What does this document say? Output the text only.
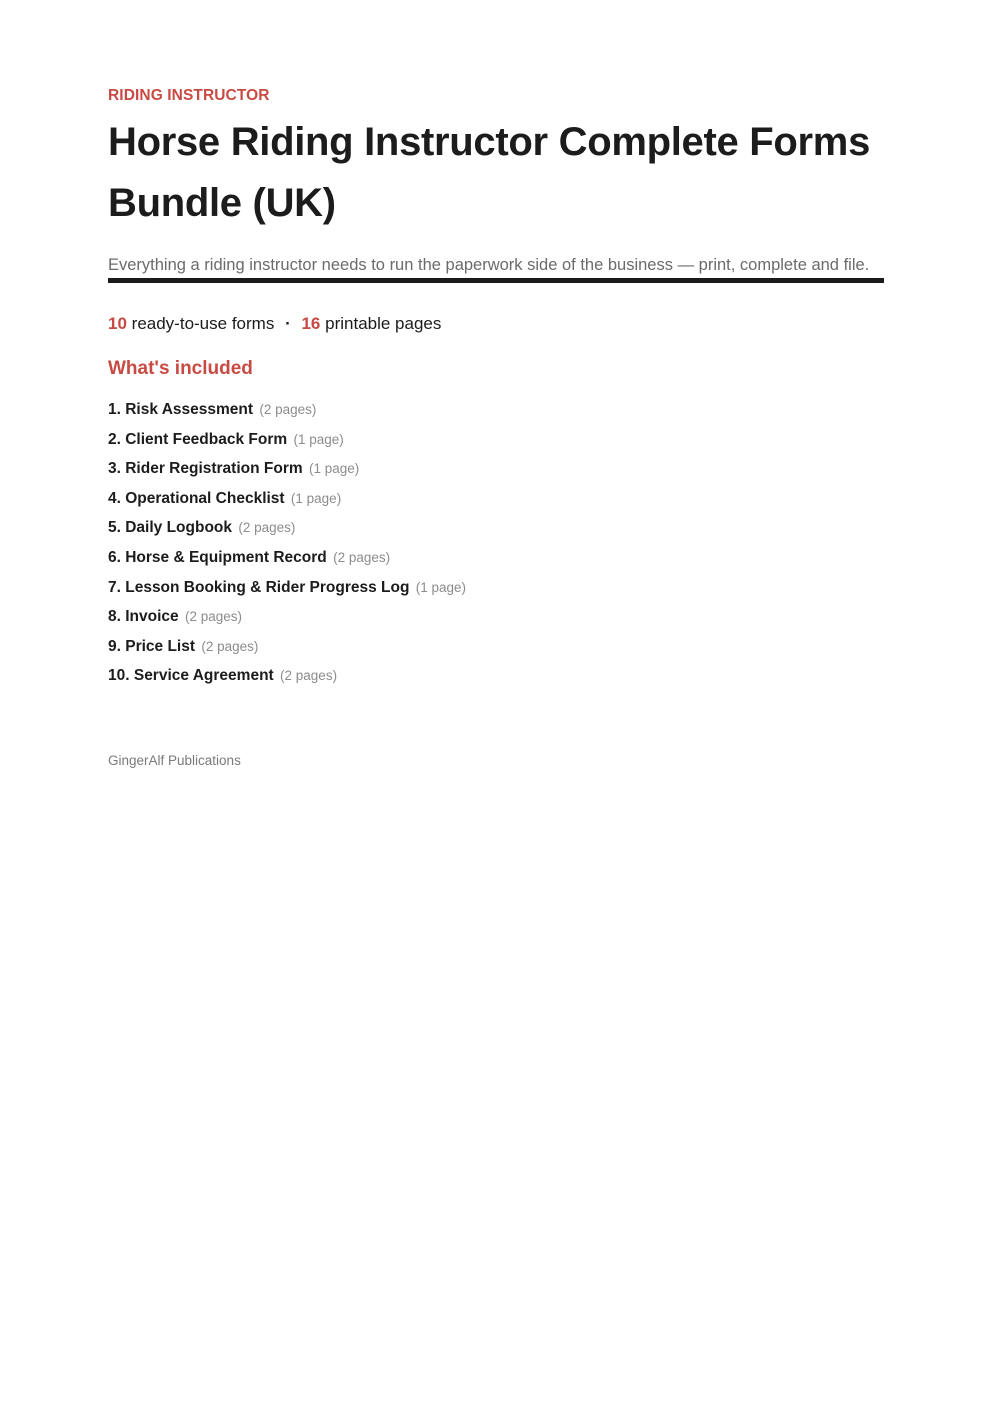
RIDING INSTRUCTOR

Horse Riding Instructor Complete Forms Bundle (UK)

Everything a riding instructor needs to run the paperwork side of the business — print, complete and file.

10 ready-to-use forms · 16 printable pages
What's included
1. Risk Assessment (2 pages)
2. Client Feedback Form (1 page)
3. Rider Registration Form (1 page)
4. Operational Checklist (1 page)
5. Daily Logbook (2 pages)
6. Horse & Equipment Record (2 pages)
7. Lesson Booking & Rider Progress Log (1 page)
8. Invoice (2 pages)
9. Price List (2 pages)
10. Service Agreement (2 pages)
GingerAlf Publications
